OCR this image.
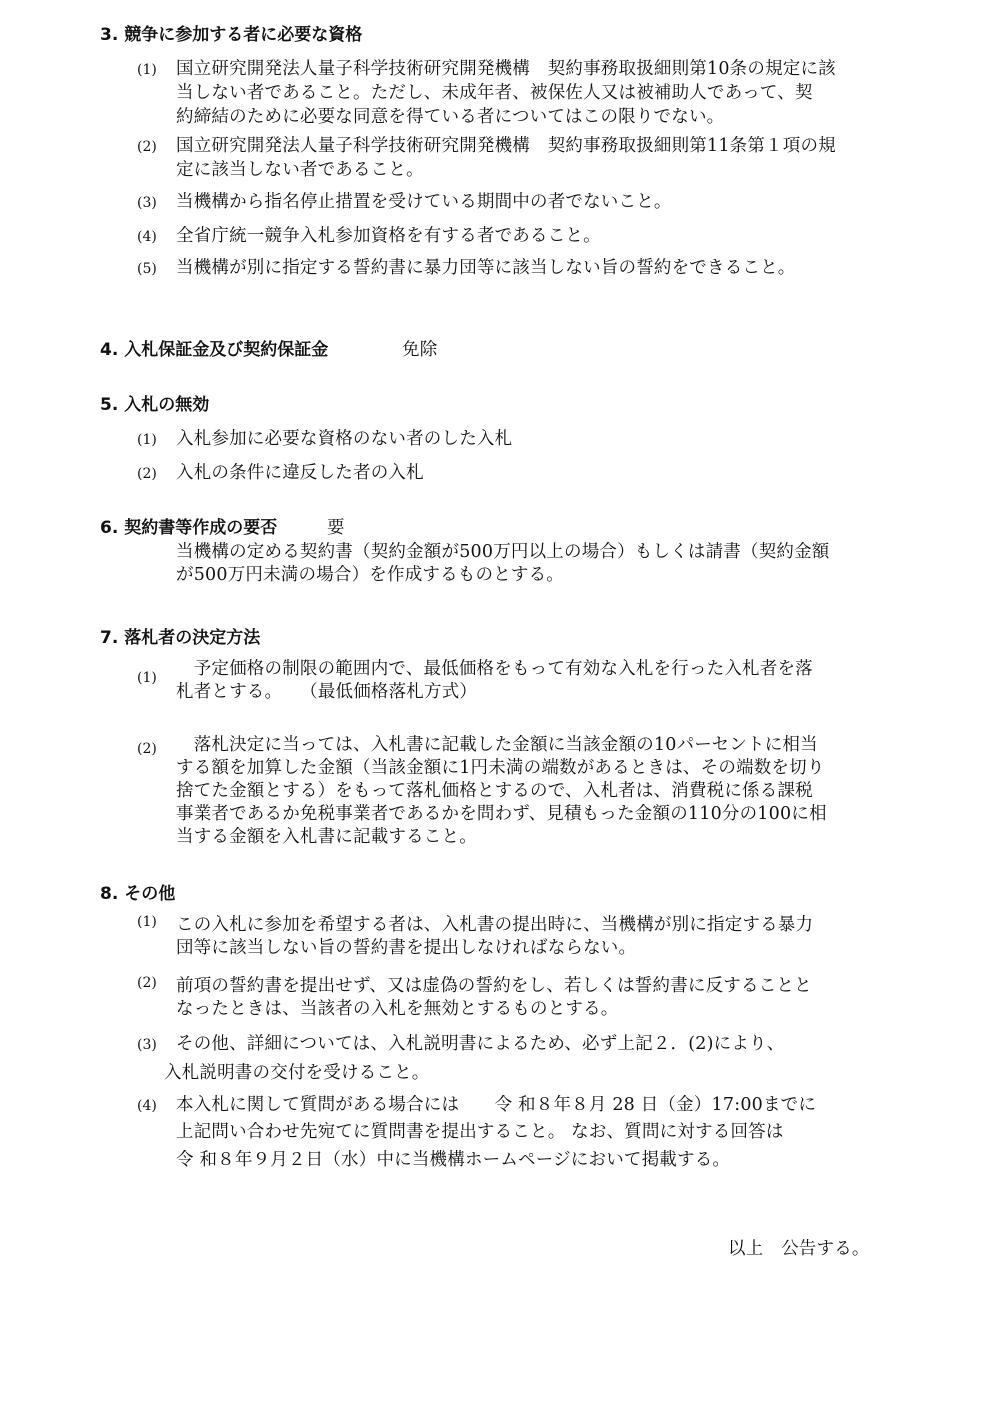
3. 競争に参加する者に必要な資格
(1) 国立研究開発法人量子科学技術研究開発機構　契約事務取扱細則第10条の規定に該
当しない者であること。ただし、未成年者、被保佐人又は被補助人であって、契
約締結のために必要な同意を得ている者についてはこの限りでない。
(2) 国立研究開発法人量子科学技術研究開発機構　契約事務取扱細則第11条第１項の規
定に該当しない者であること。
(3) 当機構から指名停止措置を受けている期間中の者でないこと。
(4) 全省庁統一競争入札参加資格を有する者であること。
(5) 当機構が別に指定する誓約書に暴力団等に該当しない旨の誓約をできること。
4. 入札保証金及び契約保証金	免除
5. 入札の無効
(1) 入札参加に必要な資格のない者のした入札
(2) 入札の条件に違反した者の入札
6. 契約書等作成の要否	要
当機構の定める契約書（契約金額が500万円以上の場合）もしくは請書（契約金額
が500万円未満の場合）を作成するものとする。
7. 落札者の決定方法
(1) 　予定価格の制限の範囲内で、最低価格をもって有効な入札を行った入札者を落
札者とする。　　（最低価格落札方式）
(2) 　落札決定に当っては、入札書に記載した金額に当該金額の10パーセントに相当
する額を加算した金額（当該金額に1円未満の端数があるときは、その端数を切り
捨てた金額とする）をもって落札価格とするので、入札者は、消費税に係る課税
事業者であるか免税事業者であるかを問わず、見積もった金額の110分の100に相
当する金額を入札書に記載すること。
8. その他
(1) この入札に参加を希望する者は、入札書の提出時に、当機構が別に指定する暴力
団等に該当しない旨の誓約書を提出しなければならない。
(2) 前項の誓約書を提出せず、又は虚偽の誓約をし、若しくは誓約書に反することと
なったときは、当該者の入札を無効とするものとする。
(3) その他、詳細については、入札説明書によるため、必ず上記２．(2)により、
入札説明書の交付を受けること。
(4) 本入札に関して質問がある場合には　　令 和８年８月 28 日（金）17:00までに
上記問い合わせ先宛てに質問書を提出すること。 なお、質問に対する回答は
令 和８年９月２日（水）中に当機構ホームページにおいて掲載する。
以上　公告する。
